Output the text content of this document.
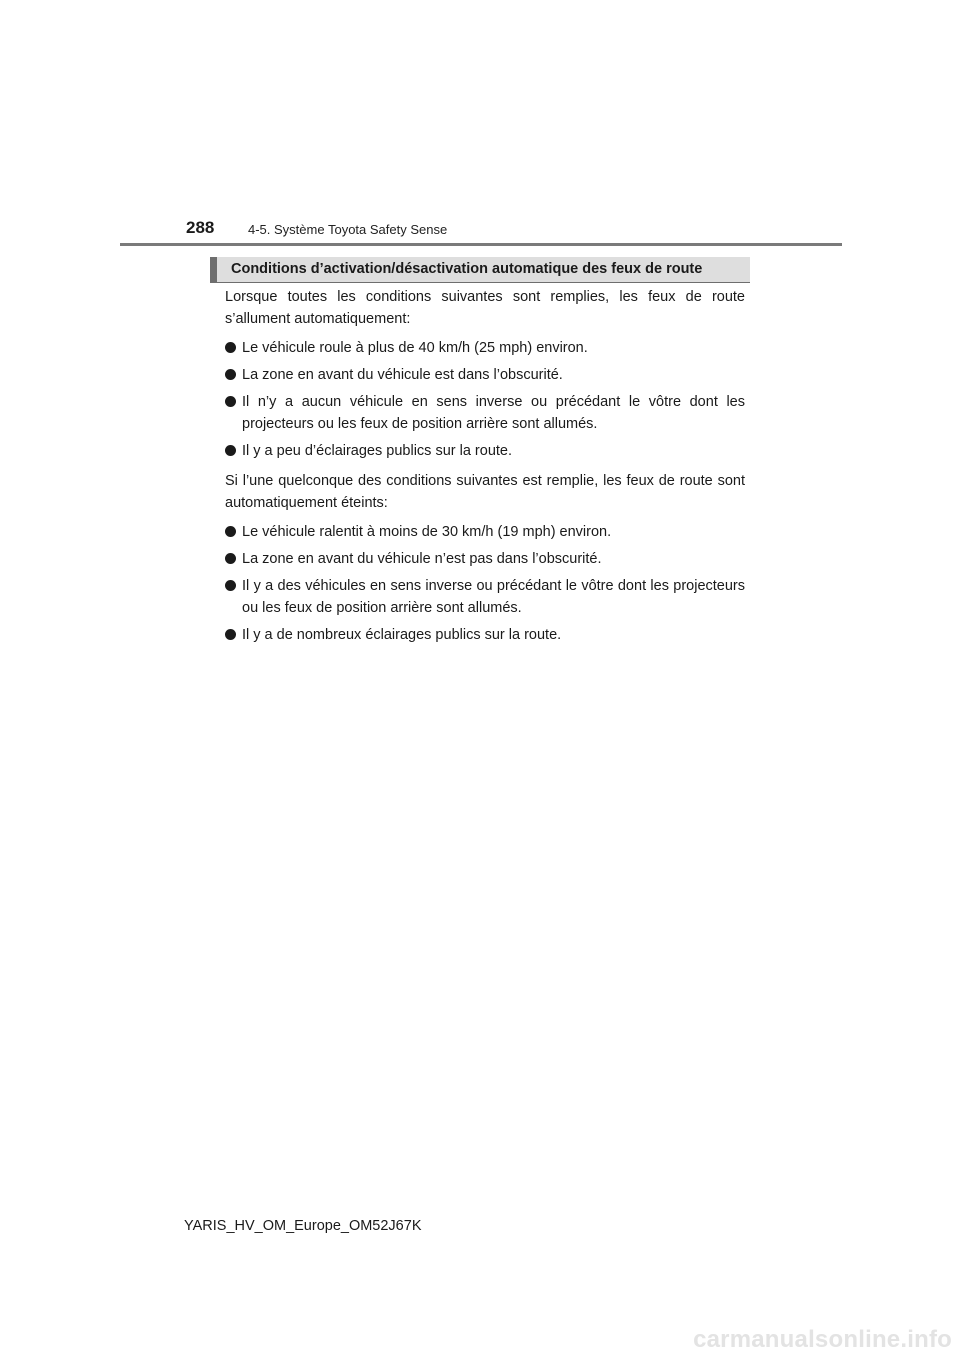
288	4-5. Système Toyota Safety Sense
Conditions d’activation/désactivation automatique des feux de route

Lorsque toutes les conditions suivantes sont remplies, les feux de route s’allument automatiquement:

Le véhicule roule à plus de 40 km/h (25 mph) environ.
La zone en avant du véhicule est dans l’obscurité.
Il n’y a aucun véhicule en sens inverse ou précédant le vôtre dont les projecteurs ou les feux de position arrière sont allumés.
Il y a peu d’éclairages publics sur la route.

Si l’une quelconque des conditions suivantes est remplie, les feux de route sont automatiquement éteints:

Le véhicule ralentit à moins de 30 km/h (19 mph) environ.
La zone en avant du véhicule n’est pas dans l’obscurité.
Il y a des véhicules en sens inverse ou précédant le vôtre dont les projecteurs ou les feux de position arrière sont allumés.
Il y a de nombreux éclairages publics sur la route.
YARIS_HV_OM_Europe_OM52J67K
carmanualsonline.info
